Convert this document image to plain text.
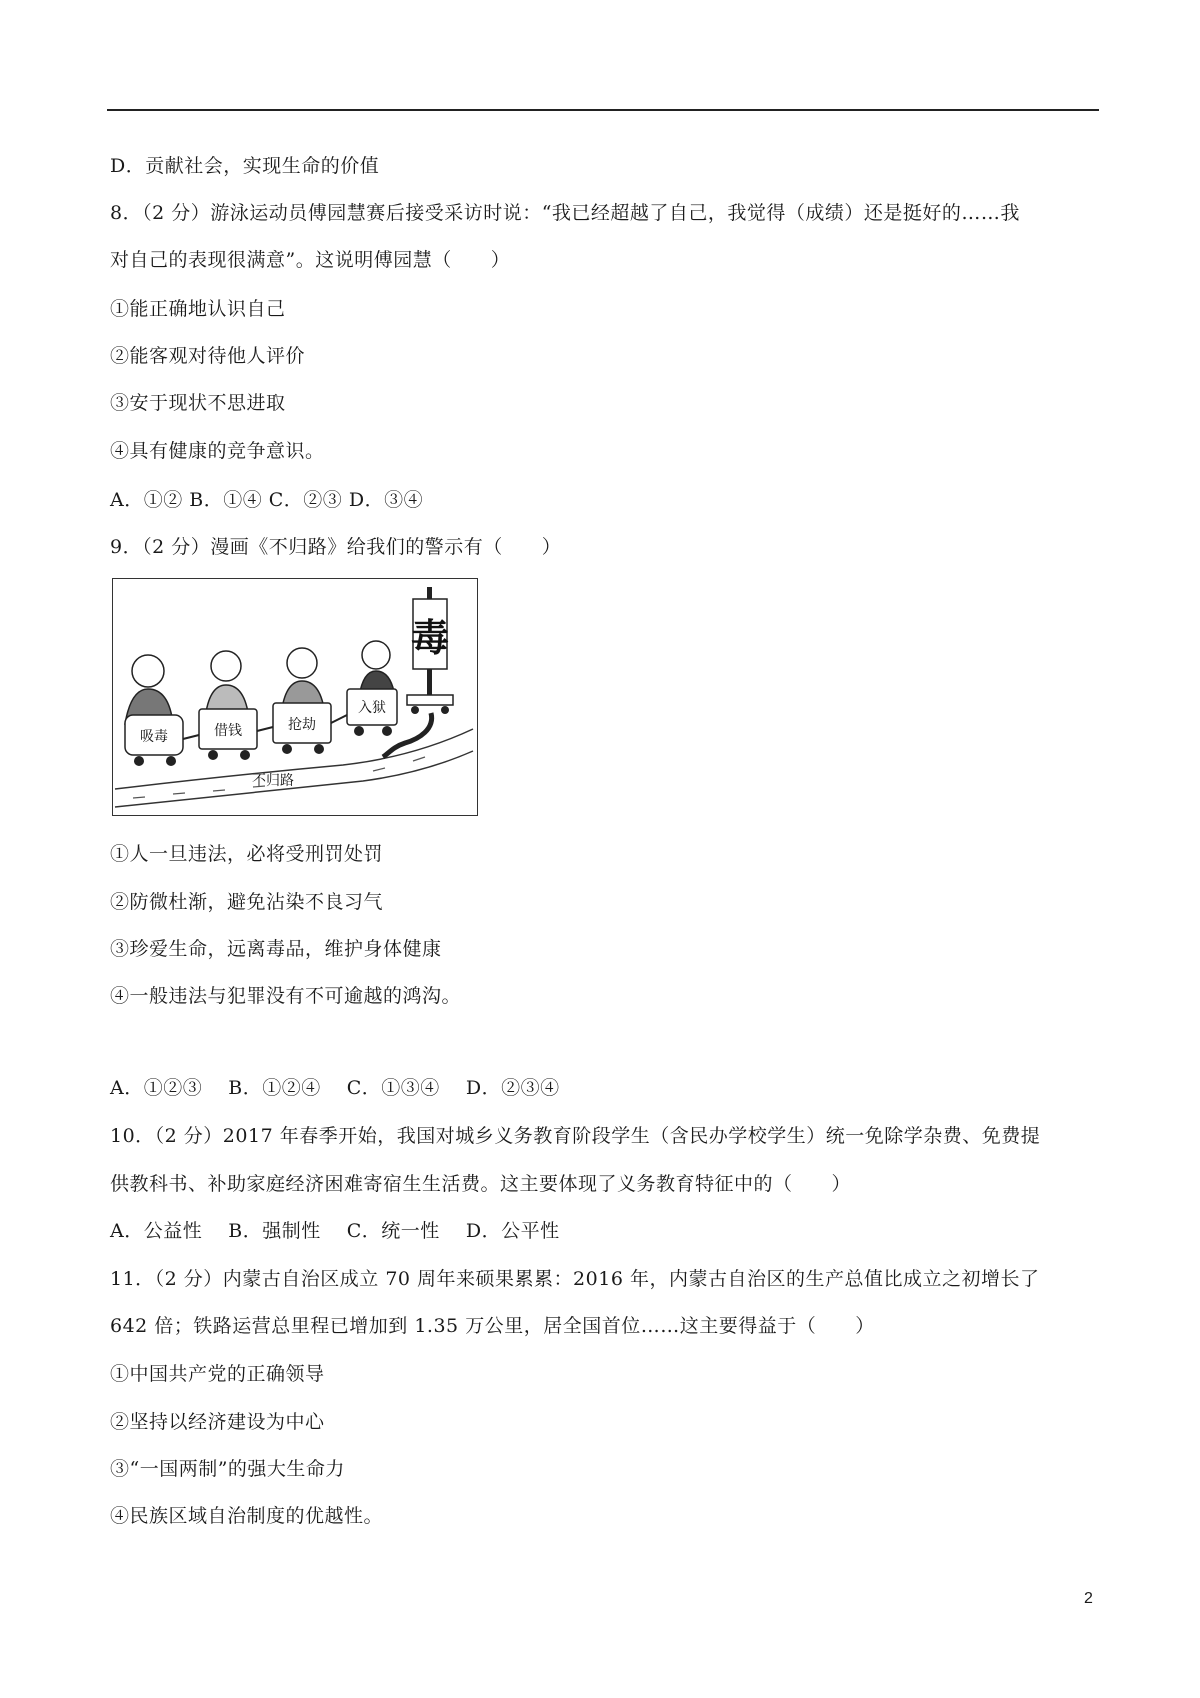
D．贡献社会，实现生命的价值
8．（2 分）游泳运动员傅园慧赛后接受采访时说：“我已经超越了自己，我觉得（成绩）还是挺好的……我
对自己的表现很满意”。这说明傅园慧（　　）
①能正确地认识自己
②能客观对待他人评价
③安于现状不思进取
④具有健康的竞争意识。
A．①② B．①④ C．②③ D．③④
9．（2 分）漫画《不归路》给我们的警示有（　　）
毒
吸毒	借钱	抢劫
入狱
不归路
①人一旦违法，必将受刑罚处罚
②防微杜渐，避免沾染不良习气
③珍爱生命，远离毒品，维护身体健康
④一般违法与犯罪没有不可逾越的鸿沟。
A．①②③　 B．①②④　 C．①③④　 D．②③④
10．（2 分）2017 年春季开始，我国对城乡义务教育阶段学生（含民办学校学生）统一免除学杂费、免费提
供教科书、补助家庭经济困难寄宿生生活费。这主要体现了义务教育特征中的（　　）
A．公益性　 B．强制性　 C．统一性　 D．公平性
11．（2 分）内蒙古自治区成立 70 周年来硕果累累：2016 年，内蒙古自治区的生产总值比成立之初增长了
642 倍；铁路运营总里程已增加到 1.35 万公里，居全国首位……这主要得益于（　　）
①中国共产党的正确领导
②坚持以经济建设为中心
③“一国两制”的强大生命力
④民族区域自治制度的优越性。
2
